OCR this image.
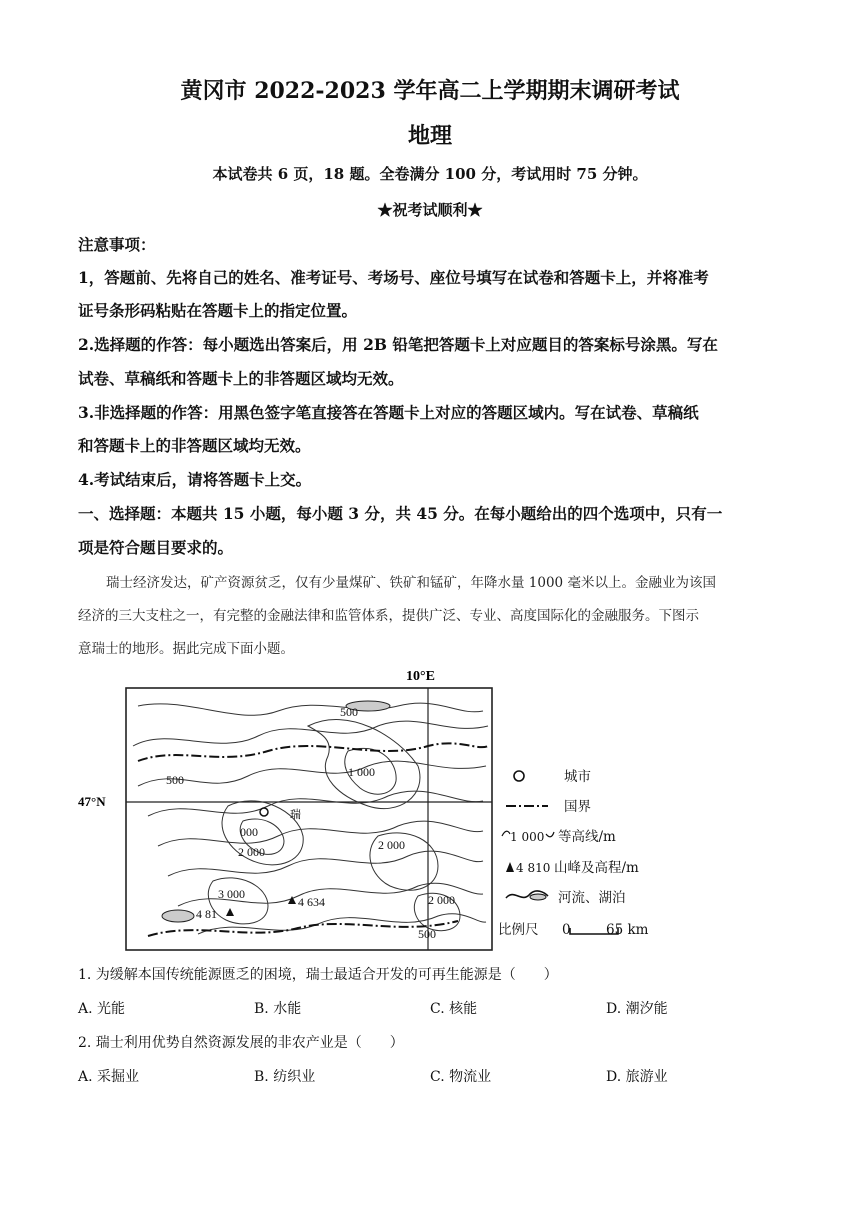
黄冈市 2022-2023 学年高二上学期期末调研考试
地理
本试卷共 6 页，18 题。全卷满分 100 分，考试用时 75 分钟。
★祝考试顺利★
注意事项：
1，答题前、先将自己的姓名、准考证号、考场号、座位号填写在试卷和答题卡上，并将准考
证号条形码粘贴在答题卡上的指定位置。
2.选择题的作答：每小题选出答案后，用 2B 铅笔把答题卡上对应题目的答案标号涂黑。写在
试卷、草稿纸和答题卡上的非答题区域均无效。
3.非选择题的作答：用黑色签字笔直接答在答题卡上对应的答题区域内。写在试卷、草稿纸
和答题卡上的非答题区域均无效。
4.考试结束后，请将答题卡上交。
一、选择题：本题共 15 小题，每小题 3 分，共 45 分。在每小题给出的四个选项中，只有一
项是符合题目要求的。
瑞士经济发达，矿产资源贫乏，仅有少量煤矿、铁矿和锰矿，年降水量 1000 毫米以上。金融业为该国
经济的三大支柱之一，有完整的金融法律和监管体系，提供广泛、专业、高度国际化的金融服务。下图示
意瑞士的地形。据此完成下面小题。
10°E
47°N
瑞
500
500
1 000
2 000	2 000
3 000	2 000
500
000
4 81
4 634
城市
国界
1 000 等高线/m
4 810 山峰及高程/m
河流、湖泊
比例尺 0	65 km
1. 为缓解本国传统能源匮乏的困境，瑞士最适合开发的可再生能源是（　　）
A. 光能	B. 水能	C. 核能	D. 潮汐能
2. 瑞士利用优势自然资源发展的非农产业是（　　）
A. 采掘业	B. 纺织业	C. 物流业	D. 旅游业
